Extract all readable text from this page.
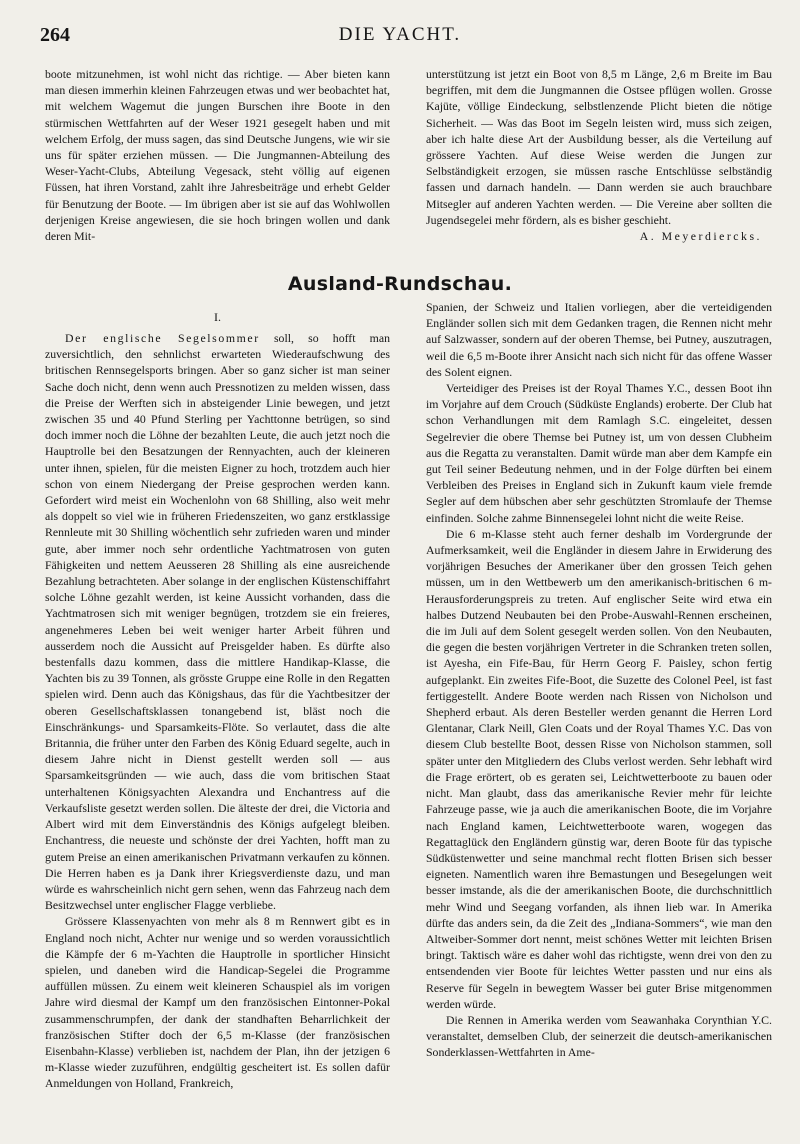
264	DIE YACHT.

boote mitzunehmen, ist wohl nicht das richtige. — Aber bieten kann man diesen immerhin kleinen Fahrzeugen etwas und wer beobachtet hat, mit welchem Wagemut die jungen Burschen ihre Boote in den stürmischen Wettfahrten auf der Weser 1921 gesegelt haben und mit welchem Erfolg, der muss sagen, das sind Deutsche Jungens, wie wir sie uns für später erziehen müssen. — Die Jungmannen-Abteilung des Weser-Yacht-Clubs, Abteilung Vegesack, steht völlig auf eigenen Füssen, hat ihren Vorstand, zahlt ihre Jahresbeiträge und erhebt Gelder für Benutzung der Boote. — Im übrigen aber ist sie auf das Wohlwollen derjenigen Kreise angewiesen, die sie hoch bringen wollen und dank deren Mit-

unterstützung ist jetzt ein Boot von 8,5 m Länge, 2,6 m Breite im Bau begriffen, mit dem die Jungmannen die Ostsee pflügen wollen. Grosse Kajüte, völlige Eindeckung, selbstlenzende Plicht bieten die nötige Sicherheit. — Was das Boot im Segeln leisten wird, muss sich zeigen, aber ich halte diese Art der Ausbildung besser, als die Verteilung auf grössere Yachten. Auf diese Weise werden die Jungen zur Selbständigkeit erzogen, sie müssen rasche Entschlüsse selbständig fassen und darnach handeln. — Dann werden sie auch brauchbare Mitsegler auf anderen Yachten werden. — Die Vereine aber sollten die Jugendsegelei mehr fördern, als es bisher geschieht.

A. Meyerdiercks.
Ausland-Rundschau.
I.

Der englische Segelsommer soll, so hofft man zuversichtlich, den sehnlichst erwarteten Wiederaufschwung des britischen Rennsegelsports bringen. Aber so ganz sicher ist man seiner Sache doch nicht, denn wenn auch Pressnotizen zu melden wissen, dass die Preise der Werften sich in absteigender Linie bewegen, und jetzt zwischen 35 und 40 Pfund Sterling per Yachttonne betrügen, so sind doch immer noch die Löhne der bezahlten Leute, die auch jetzt noch die Hauptrolle bei den Besatzungen der Rennyachten, auch der kleineren unter ihnen, spielen, für die meisten Eigner zu hoch, trotzdem auch hier schon von einem Niedergang der Preise gesprochen werden kann. Gefordert wird meist ein Wochenlohn von 68 Shilling, also weit mehr als doppelt so viel wie in früheren Friedenszeiten, wo ganz erstklassige Rennleute mit 30 Shilling wöchentlich sehr zufrieden waren und minder gute, aber immer noch sehr ordentliche Yachtmatrosen von guten Fähigkeiten und nettem Aeusseren 28 Shilling als eine ausreichende Bezahlung betrachteten. Aber solange in der englischen Küstenschiffahrt solche Löhne gezahlt werden, ist keine Aussicht vorhanden, dass die Yachtmatrosen sich mit weniger begnügen, trotzdem sie ein freieres, angenehmeres Leben bei weit weniger harter Arbeit führen und ausserdem noch die Aussicht auf Preisgelder haben. Es dürfte also bestenfalls dazu kommen, dass die mittlere Handikap-Klasse, die Yachten bis zu 39 Tonnen, als grösste Gruppe eine Rolle in den Regatten spielen wird. Denn auch das Königshaus, das für die Yachtbesitzer der oberen Gesellschaftsklassen tonangebend ist, bläst noch die Einschränkungs- und Sparsamkeits-Flöte. So verlautet, dass die alte Britannia, die früher unter den Farben des König Eduard segelte, auch in diesem Jahre nicht in Dienst gestellt werden soll — aus Sparsamkeitsgründen — wie auch, dass die vom britischen Staat unterhaltenen Königsyachten Alexandra und Enchantress auf die Verkaufsliste gesetzt werden sollen. Die älteste der drei, die Victoria and Albert wird mit dem Einverständnis des Königs aufgelegt bleiben. Enchantress, die neueste und schönste der drei Yachten, hofft man zu gutem Preise an einen amerikanischen Privatmann verkaufen zu können. Die Herren haben es ja Dank ihrer Kriegsverdienste dazu, und man würde es wahrscheinlich nicht gern sehen, wenn das Fahrzeug nach dem Besitzwechsel unter englischer Flagge verbliebe.

Grössere Klassenyachten von mehr als 8 m Rennwert gibt es in England noch nicht, Achter nur wenige und so werden voraussichtlich die Kämpfe der 6 m-Yachten die Hauptrolle in sportlicher Hinsicht spielen, und daneben wird die Handicap-Segelei die Programme auffüllen müssen. Zu einem weit kleineren Schauspiel als im vorigen Jahre wird diesmal der Kampf um den französischen Eintonner-Pokal zusammenschrumpfen, der dank der standhaften Beharrlichkeit der französischen Stifter doch der 6,5 m-Klasse (der französischen Eisenbahn-Klasse) verblieben ist, nachdem der Plan, ihn der jetzigen 6 m-Klasse wieder zuzuführen, endgültig gescheitert ist. Es sollen dafür Anmeldungen von Holland, Frankreich,

Spanien, der Schweiz und Italien vorliegen, aber die verteidigenden Engländer sollen sich mit dem Gedanken tragen, die Rennen nicht mehr auf Salzwasser, sondern auf der oberen Themse, bei Putney, auszutragen, weil die 6,5 m-Boote ihrer Ansicht nach sich nicht für das offene Wasser des Solent eignen.

Verteidiger des Preises ist der Royal Thames Y.C., dessen Boot ihn im Vorjahre auf dem Crouch (Südküste Englands) eroberte. Der Club hat schon Verhandlungen mit dem Ramlagh S.C. eingeleitet, dessen Segelrevier die obere Themse bei Putney ist, um von dessen Clubheim aus die Regatta zu veranstalten. Damit würde man aber dem Kampfe ein gut Teil seiner Bedeutung nehmen, und in der Folge dürften bei einem Verbleiben des Preises in England sich in Zukunft kaum viele fremde Segler auf dem hübschen aber sehr geschützten Stromlaufe der Themse einfinden. Solche zahme Binnensegelei lohnt nicht die weite Reise.

Die 6 m-Klasse steht auch ferner deshalb im Vordergrunde der Aufmerksamkeit, weil die Engländer in diesem Jahre in Erwiderung des vorjährigen Besuches der Amerikaner über den grossen Teich gehen müssen, um in den Wettbewerb um den amerikanisch-britischen 6 m-Herausforderungspreis zu treten. Auf englischer Seite wird etwa ein halbes Dutzend Neubauten bei den Probe-Auswahl-Rennen erscheinen, die im Juli auf dem Solent gesegelt werden sollen. Von den Neubauten, die gegen die besten vorjährigen Vertreter in die Schranken treten sollen, ist Ayesha, ein Fife-Bau, für Herrn Georg F. Paisley, schon fertig aufgeplankt. Ein zweites Fife-Boot, die Suzette des Colonel Peel, ist fast fertiggestellt. Andere Boote werden nach Rissen von Nicholson und Shepherd erbaut. Als deren Besteller werden genannt die Herren Lord Glentanar, Clark Neill, Glen Coats und der Royal Thames Y.C. Das von diesem Club bestellte Boot, dessen Risse von Nicholson stammen, soll später unter den Mitgliedern des Clubs verlost werden. Sehr lebhaft wird die Frage erörtert, ob es geraten sei, Leichtwetterboote zu bauen oder nicht. Man glaubt, dass das amerikanische Revier mehr für leichte Fahrzeuge passe, wie ja auch die amerikanischen Boote, die im Vorjahre nach England kamen, Leichtwetterboote waren, wogegen das Regattaglück den Engländern günstig war, deren Boote für das typische Südküstenwetter und seine manchmal recht flotten Brisen sich besser eigneten. Namentlich waren ihre Bemastungen und Besegelungen weit besser imstande, als die der amerikanischen Boote, die durchschnittlich mehr Wind und Seegang vorfanden, als ihnen lieb war. In Amerika dürfte das anders sein, da die Zeit des „Indiana-Sommers“, wie man den Altweiber-Sommer dort nennt, meist schönes Wetter mit leichten Brisen bringt. Taktisch wäre es daher wohl das richtigste, wenn drei von den zu entsendenden vier Boote für leichtes Wetter passten und nur eins als Reserve für Segeln in bewegtem Wasser bei guter Brise mitgenommen werden würde.

Die Rennen in Amerika werden vom Seawanhaka Corynthian Y.C. veranstaltet, demselben Club, der seinerzeit die deutsch-amerikanischen Sonderklassen-Wettfahrten in Ame-
